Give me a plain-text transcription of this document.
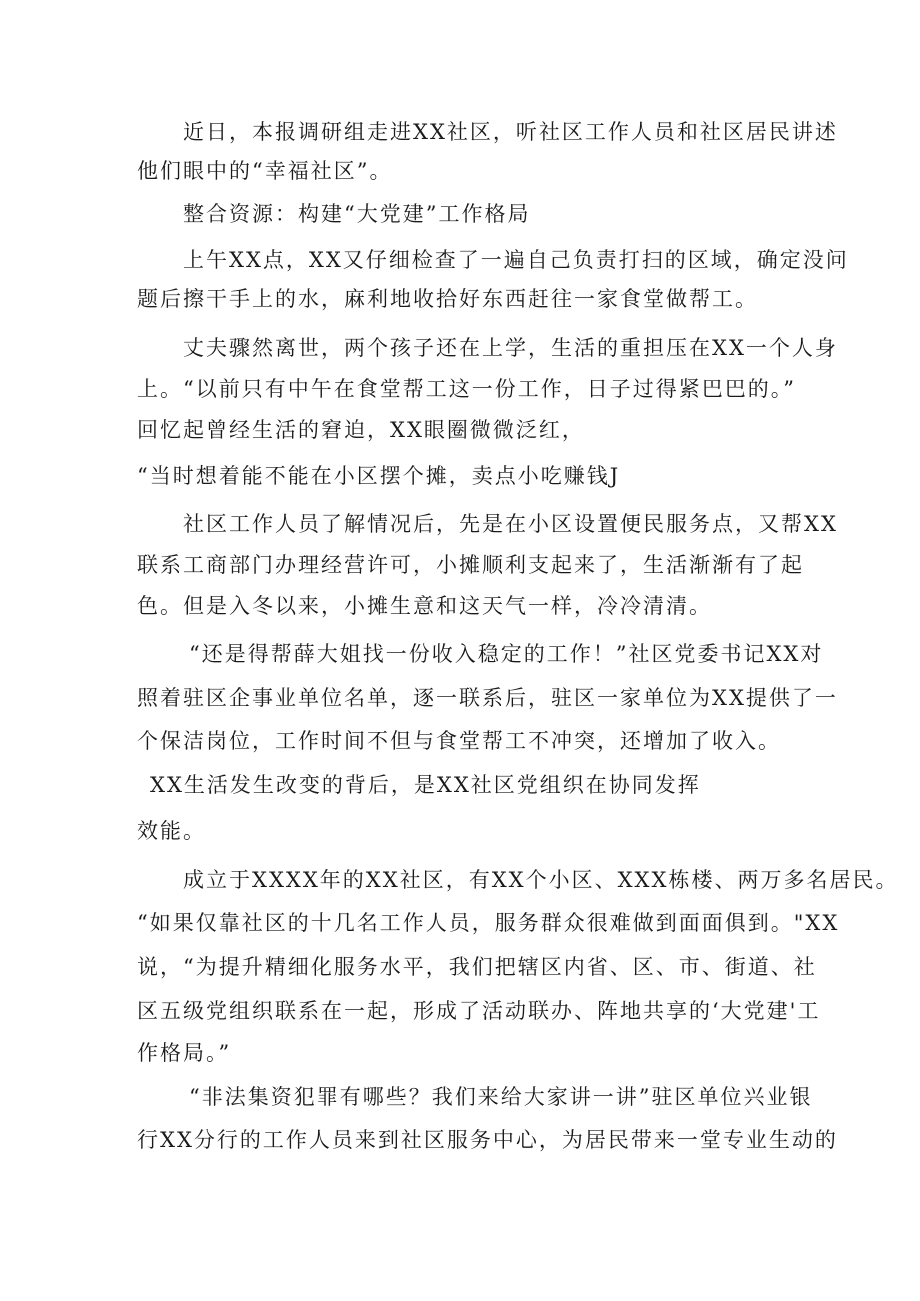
近日，本报调研组走进XX社区，听社区工作人员和社区居民讲述

他们眼中的“幸福社区”。

整合资源：构建“大党建”工作格局

上午XX点，XX又仔细检查了一遍自己负责打扫的区域，确定没问

题后擦干手上的水，麻利地收拾好东西赶往一家食堂做帮工。

丈夫骤然离世，两个孩子还在上学，生活的重担压在XX一个人身

上。“以前只有中午在食堂帮工这一份工作，日子过得紧巴巴的。”

回忆起曾经生活的窘迫，XX眼圈微微泛红，

“当时想着能不能在小区摆个摊，卖点小吃赚钱J

社区工作人员了解情况后，先是在小区设置便民服务点，又帮XX

联系工商部门办理经营许可，小摊顺利支起来了，生活渐渐有了起

色。但是入冬以来，小摊生意和这天气一样，冷冷清清。

“还是得帮薛大姐找一份收入稳定的工作！”社区党委书记XX对

照着驻区企事业单位名单，逐一联系后，驻区一家单位为XX提供了一

个保洁岗位，工作时间不但与食堂帮工不冲突，还增加了收入。

XX生活发生改变的背后，是XX社区党组织在协同发挥

效能。

成立于XXXX年的XX社区，有XX个小区、XXX栋楼、两万多名居民。

“如果仅靠社区的十几名工作人员，服务群众很难做到面面俱到。"XX

说，“为提升精细化服务水平，我们把辖区内省、区、市、街道、社

区五级党组织联系在一起，形成了活动联办、阵地共享的‘大党建'工

作格局。”

“非法集资犯罪有哪些？我们来给大家讲一讲”驻区单位兴业银

行XX分行的工作人员来到社区服务中心，为居民带来一堂专业生动的
